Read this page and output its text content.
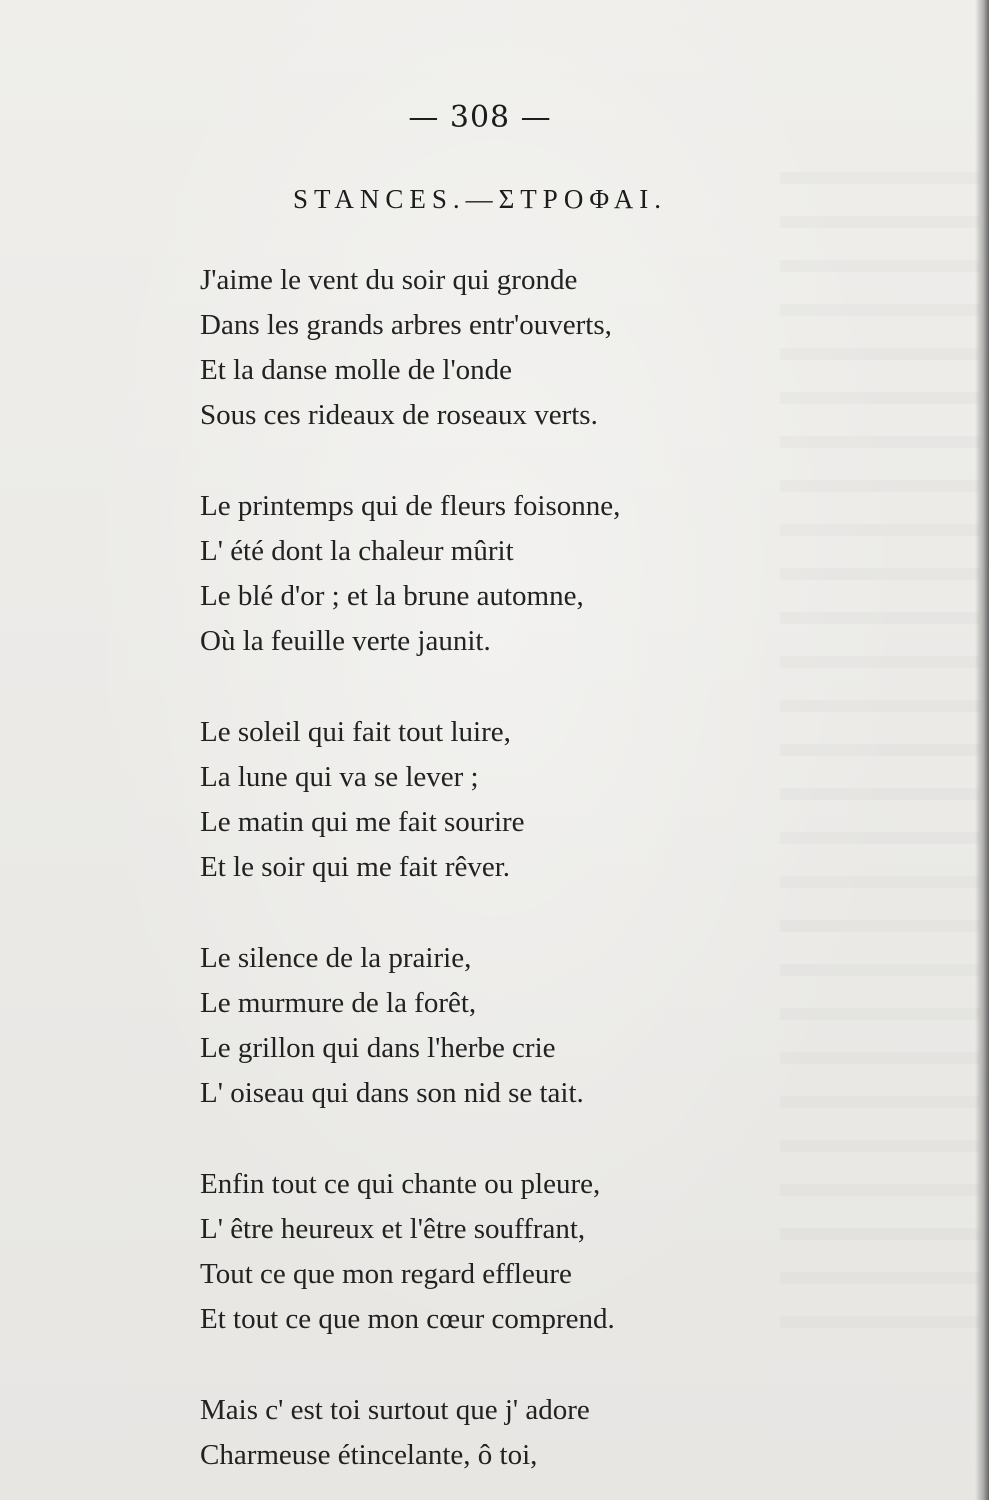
— 308 —
STANCES.—ΣΤΡΟΦΑΙ.
J'aime le vent du soir qui gronde
Dans les grands arbres entr'ouverts,
Et la danse molle de l'onde
Sous ces rideaux de roseaux verts.
Le printemps qui de fleurs foisonne,
L' été dont la chaleur mûrit
Le blé d'or ; et la brune automne,
Où la feuille verte jaunit.
Le soleil qui fait tout luire,
La lune qui va se lever ;
Le matin qui me fait sourire
Et le soir qui me fait rêver.
Le silence de la prairie,
Le murmure de la forêt,
Le grillon qui dans l'herbe crie
L' oiseau qui dans son nid se tait.
Enfin tout ce qui chante ou pleure,
L' être heureux et l'être souffrant,
Tout ce que mon regard effleure
Et tout ce que mon cœur comprend.
Mais c' est toi surtout que j' adore
Charmeuse étincelante, ô toi,
